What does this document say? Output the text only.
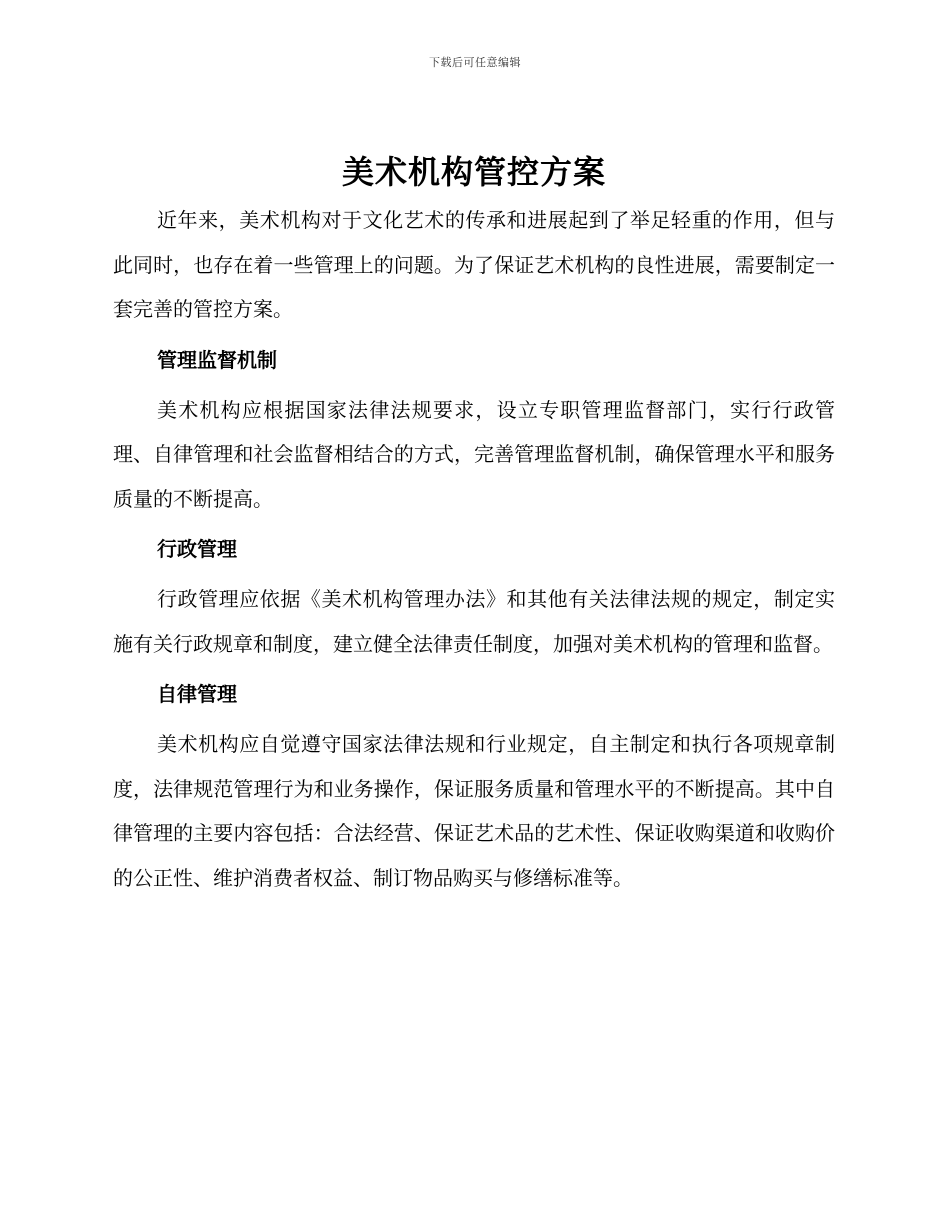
下载后可任意编辑
美术机构管控方案

近年来，美术机构对于文化艺术的传承和进展起到了举足轻重的作用，但与此同时，也存在着一些管理上的问题。为了保证艺术机构的良性进展，需要制定一套完善的管控方案。

管理监督机制

美术机构应根据国家法律法规要求，设立专职管理监督部门，实行行政管理、自律管理和社会监督相结合的方式，完善管理监督机制，确保管理水平和服务质量的不断提高。

行政管理

行政管理应依据《美术机构管理办法》和其他有关法律法规的规定，制定实施有关行政规章和制度，建立健全法律责任制度，加强对美术机构的管理和监督。

自律管理

美术机构应自觉遵守国家法律法规和行业规定，自主制定和执行各项规章制度，法律规范管理行为和业务操作，保证服务质量和管理水平的不断提高。其中自律管理的主要内容包括：合法经营、保证艺术品的艺术性、保证收购渠道和收购价的公正性、维护消费者权益、制订物品购买与修缮标准等。
